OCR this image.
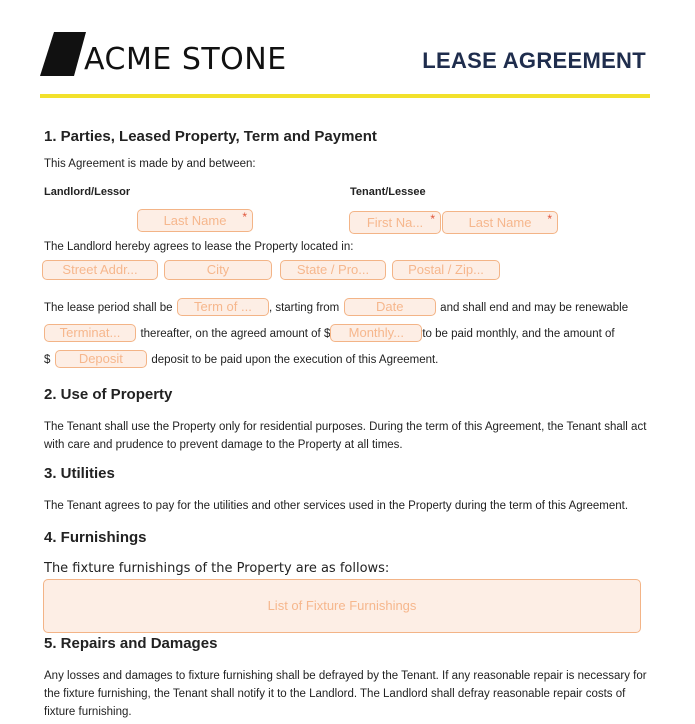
ACME STONE	LEASE AGREEMENT
1. Parties, Leased Property, Term and Payment

This Agreement is made by and between:

Landlord/Lessor	Tenant/Lessee

Last Name *	First Na... *	Last Name *

The Landlord hereby agrees to lease the Property located in:

Street Addr...	City	State / Pro...	Postal / Zip...
The lease period shall be Term of ... , starting from	Date	and shall end and may be renewable
Terminat... thereafter, on the agreed amount of $ Monthly... to be paid monthly, and the amount of
$ Deposit deposit to be paid upon the execution of this Agreement.
2. Use of Property

The Tenant shall use the Property only for residential purposes. During the term of this Agreement, the Tenant shall act with care and prudence to prevent damage to the Property at all times.

3. Utilities

The Tenant agrees to pay for the utilities and other services used in the Property during the term of this Agreement.

4. Furnishings

The fixture furnishings of the Property are as follows:

List of Fixture Furnishings
5. Repairs and Damages

Any losses and damages to fixture furnishing shall be defrayed by the Tenant. If any reasonable repair is necessary for the fixture furnishing, the Tenant shall notify it to the Landlord. The Landlord shall defray reasonable repair costs of fixture furnishing.
